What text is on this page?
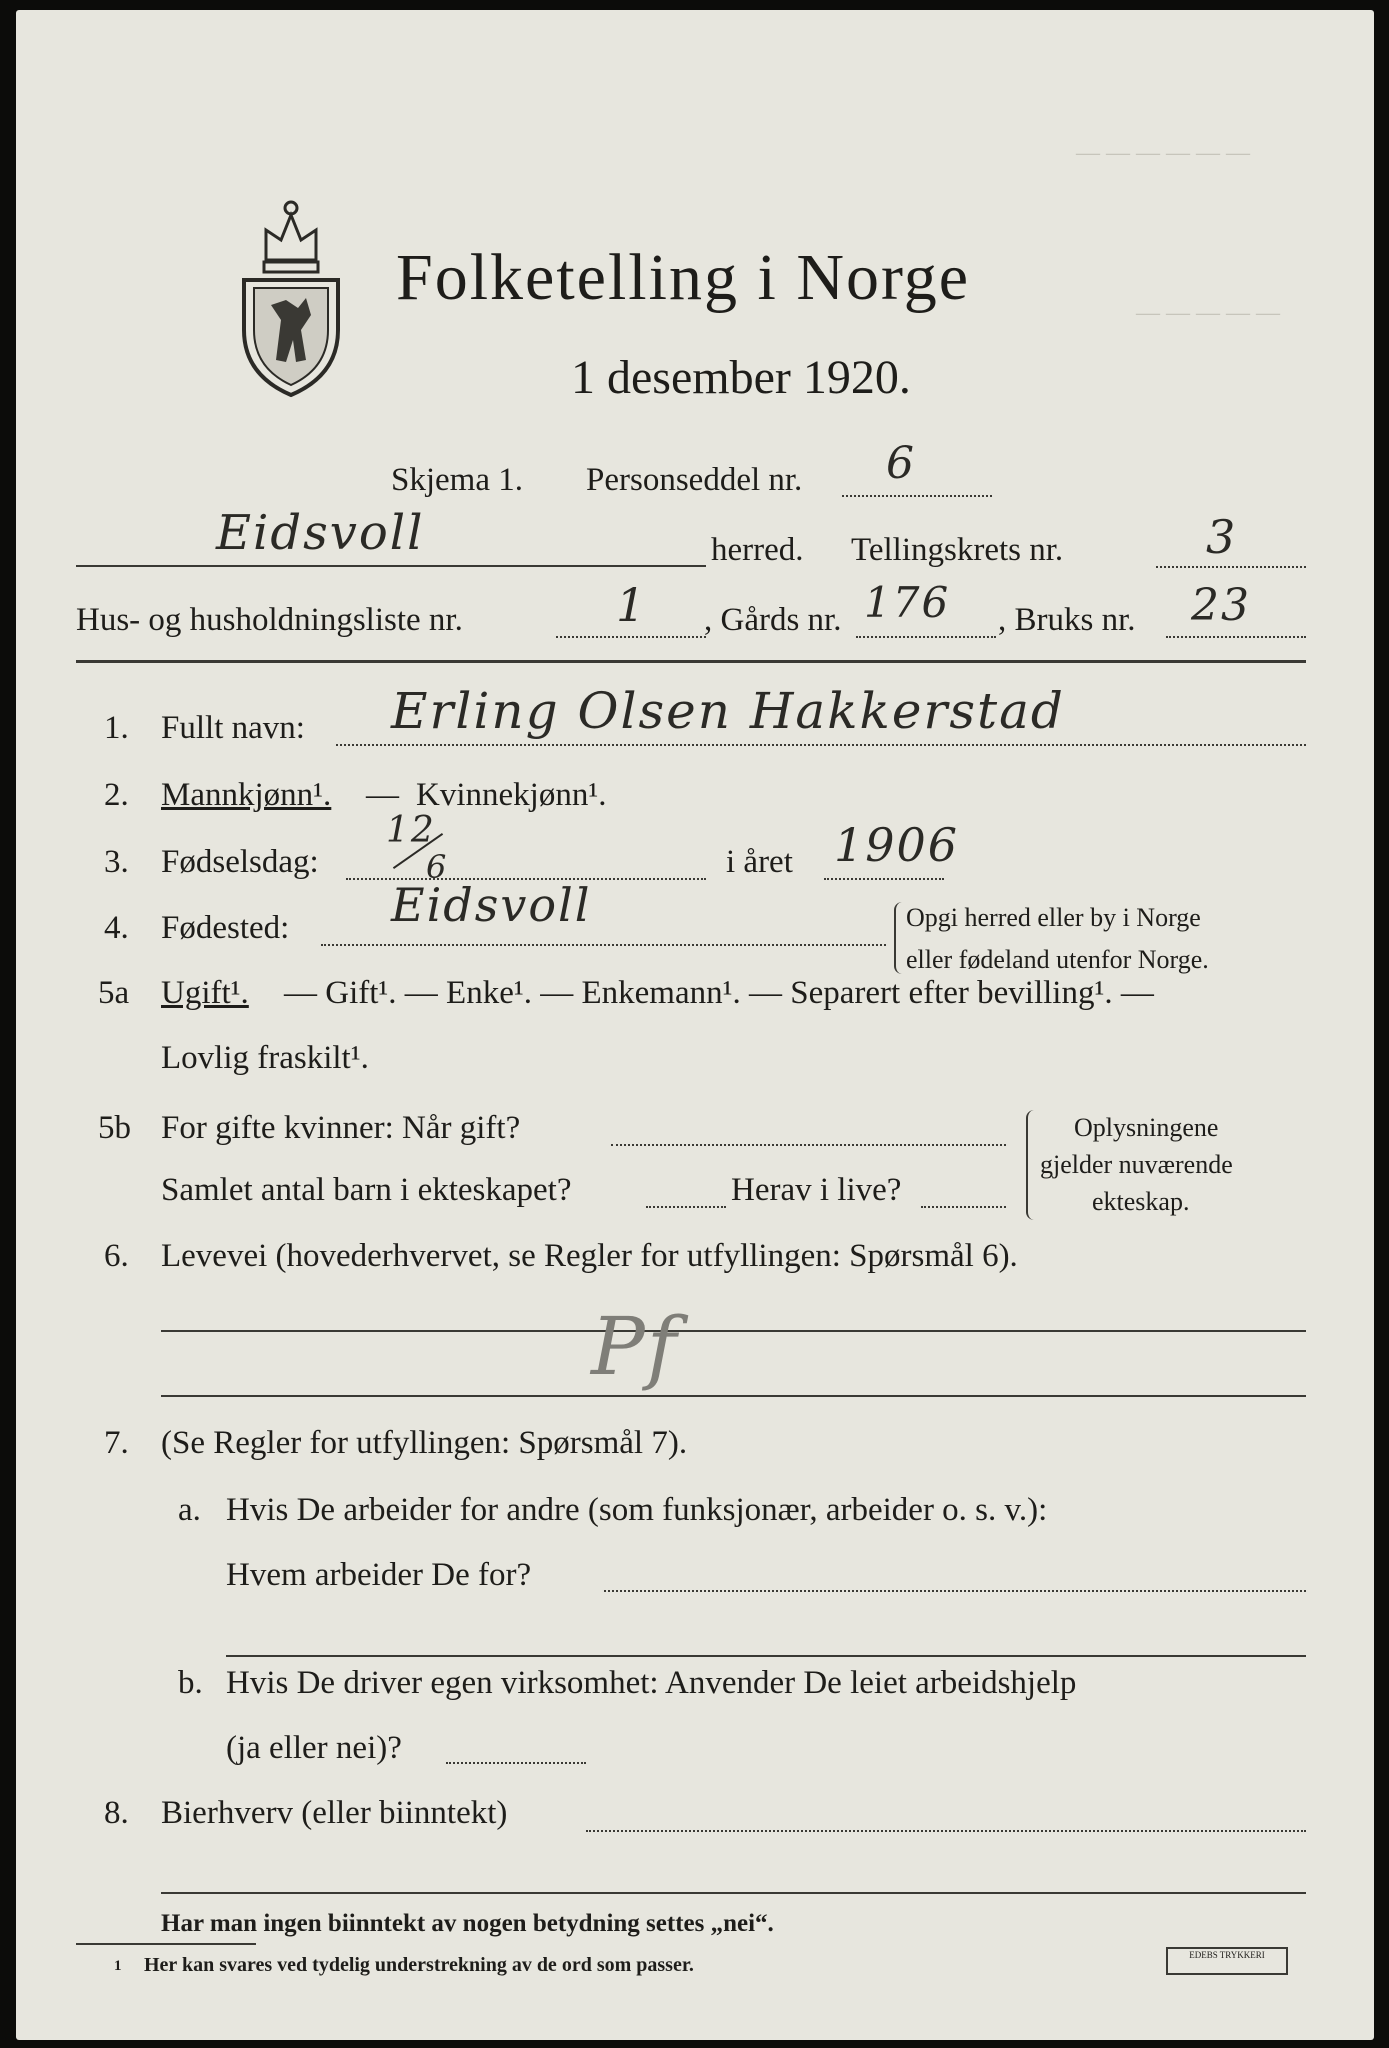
— — — — — —
— — — — —
Folketelling i Norge
1 desember 1920.
Skjema 1. Personseddel nr. 6
Eidsvoll	herred. Tellingskrets nr.	3
Hus- og husholdningsliste nr.	1 , Gårds nr. 176 , Bruks nr. 23
1. Fullt navn: Erling Olsen Hakkerstad
2. Mannkjønn¹. — Kvinnekjønn¹.
3. Fødselsdag:
12
6	i året 1906
4. Fødested: Eidsvoll	Opgi herred eller by i Norge
eller fødeland utenfor Norge.
5a Ugift¹. — Gift¹. — Enke¹. — Enkemann¹. — Separert efter bevilling¹. —
Lovlig fraskilt¹.
5b For gifte kvinner: Når gift?
Samlet antal barn i ekteskapet?	Herav i live?
Oplysningene
gjelder nuværende
ekteskap.
6. Levevei (hovederhvervet, se Regler for utfyllingen: Spørsmål 6).
Pf
7. (Se Regler for utfyllingen: Spørsmål 7).
a. Hvis De arbeider for andre (som funksjonær, arbeider o. s. v.):
Hvem arbeider De for?
b. Hvis De driver egen virksomhet: Anvender De leiet arbeidshjelp
(ja eller nei)?
8. Bierhverv (eller biinntekt)
Har man ingen biinntekt av nogen betydning settes „nei“.
1 Her kan svares ved tydelig understrekning av de ord som passer.	EDEBS TRYKKERI
